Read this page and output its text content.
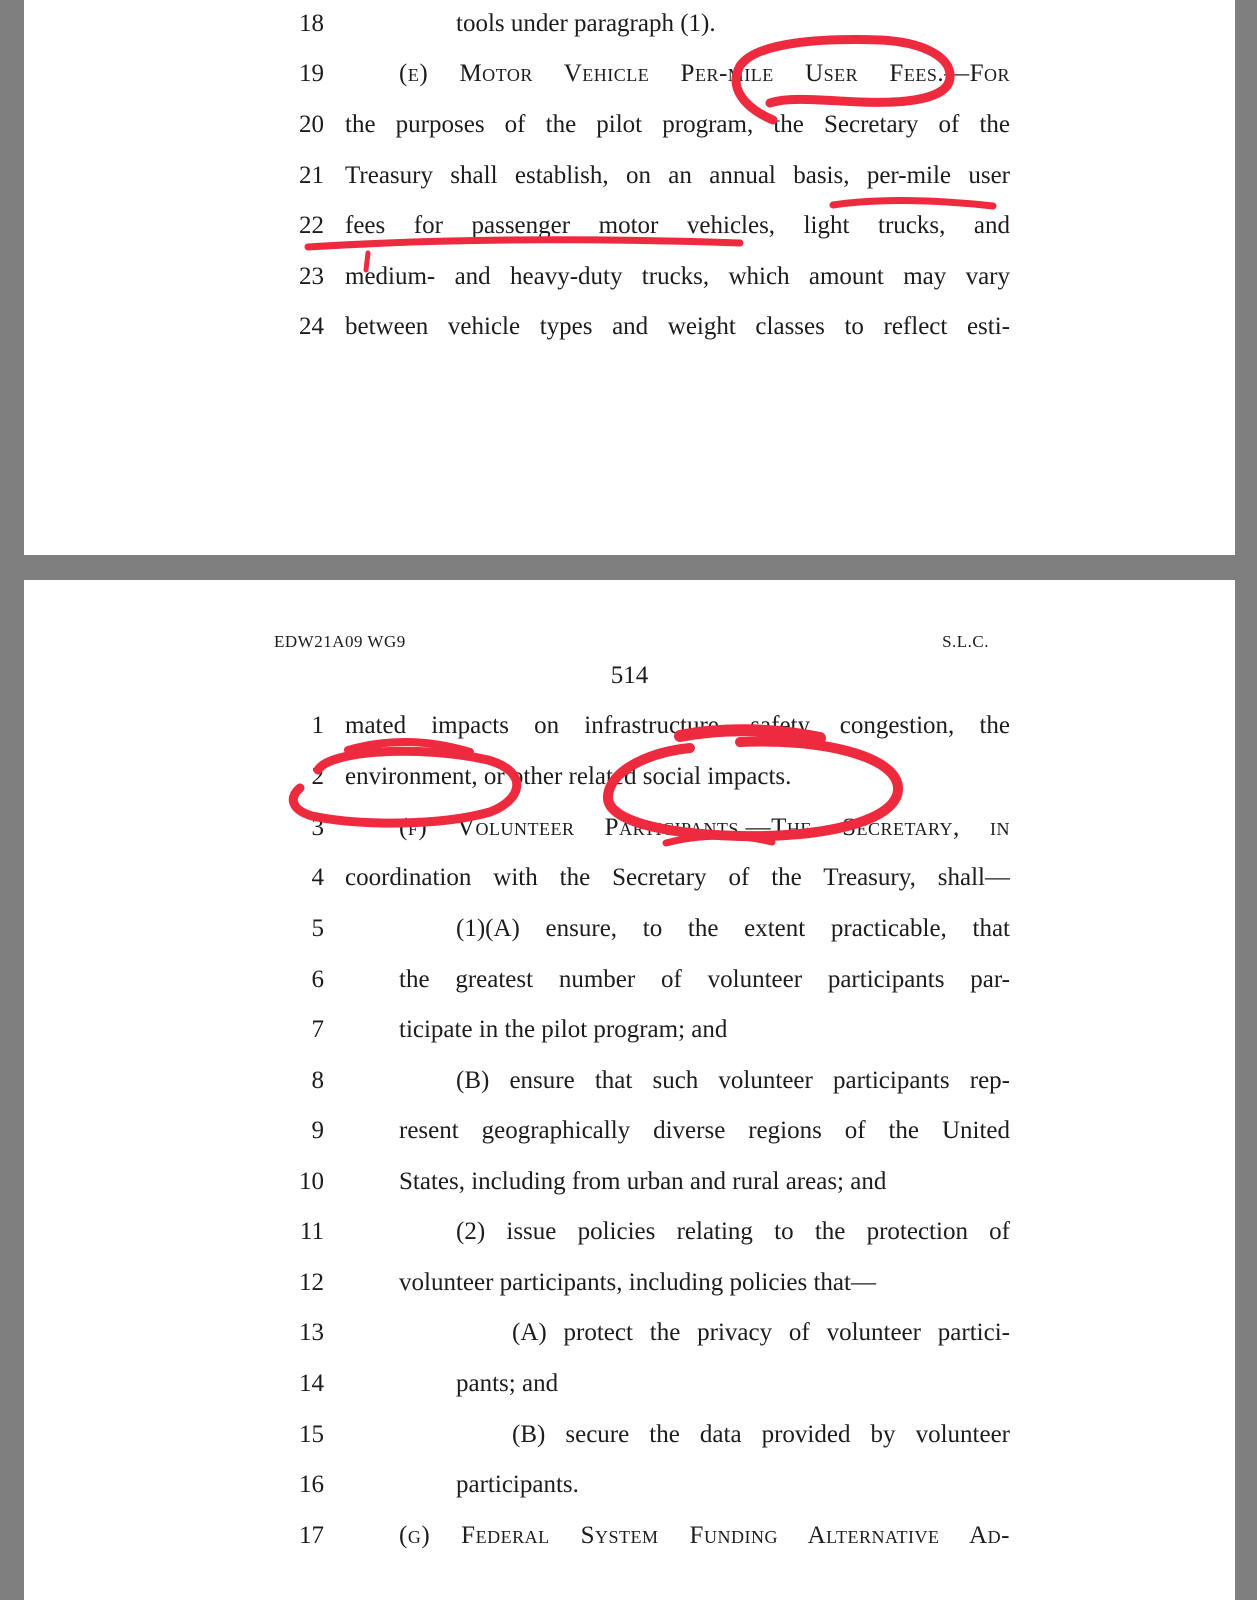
18	tools under paragraph (1).
19	(e) Motor Vehicle Per-mile User Fees.—For
20 the purposes of the pilot program, the Secretary of the
21 Treasury shall establish, on an annual basis, per-mile user
22 fees for passenger motor vehicles, light trucks, and
23 medium- and heavy-duty trucks, which amount may vary
24 between vehicle types and weight classes to reflect esti-
EDW21A09 WG9	S.L.C.
514
1 mated impacts on infrastructure, safety, congestion, the
2 environment, or other related social impacts.
3	(f) Volunteer Participants.—The Secretary, in
4 coordination with the Secretary of the Treasury, shall—
5	(1)(A) ensure, to the extent practicable, that
6	the greatest number of volunteer participants par-
7	ticipate in the pilot program; and
8	(B) ensure that such volunteer participants rep-
9	resent geographically diverse regions of the United
10	States, including from urban and rural areas; and
11	(2) issue policies relating to the protection of
12	volunteer participants, including policies that—
13	(A) protect the privacy of volunteer partici-
14	pants; and
15	(B) secure the data provided by volunteer
16	participants.
17	(g) Federal System Funding Alternative Ad-
